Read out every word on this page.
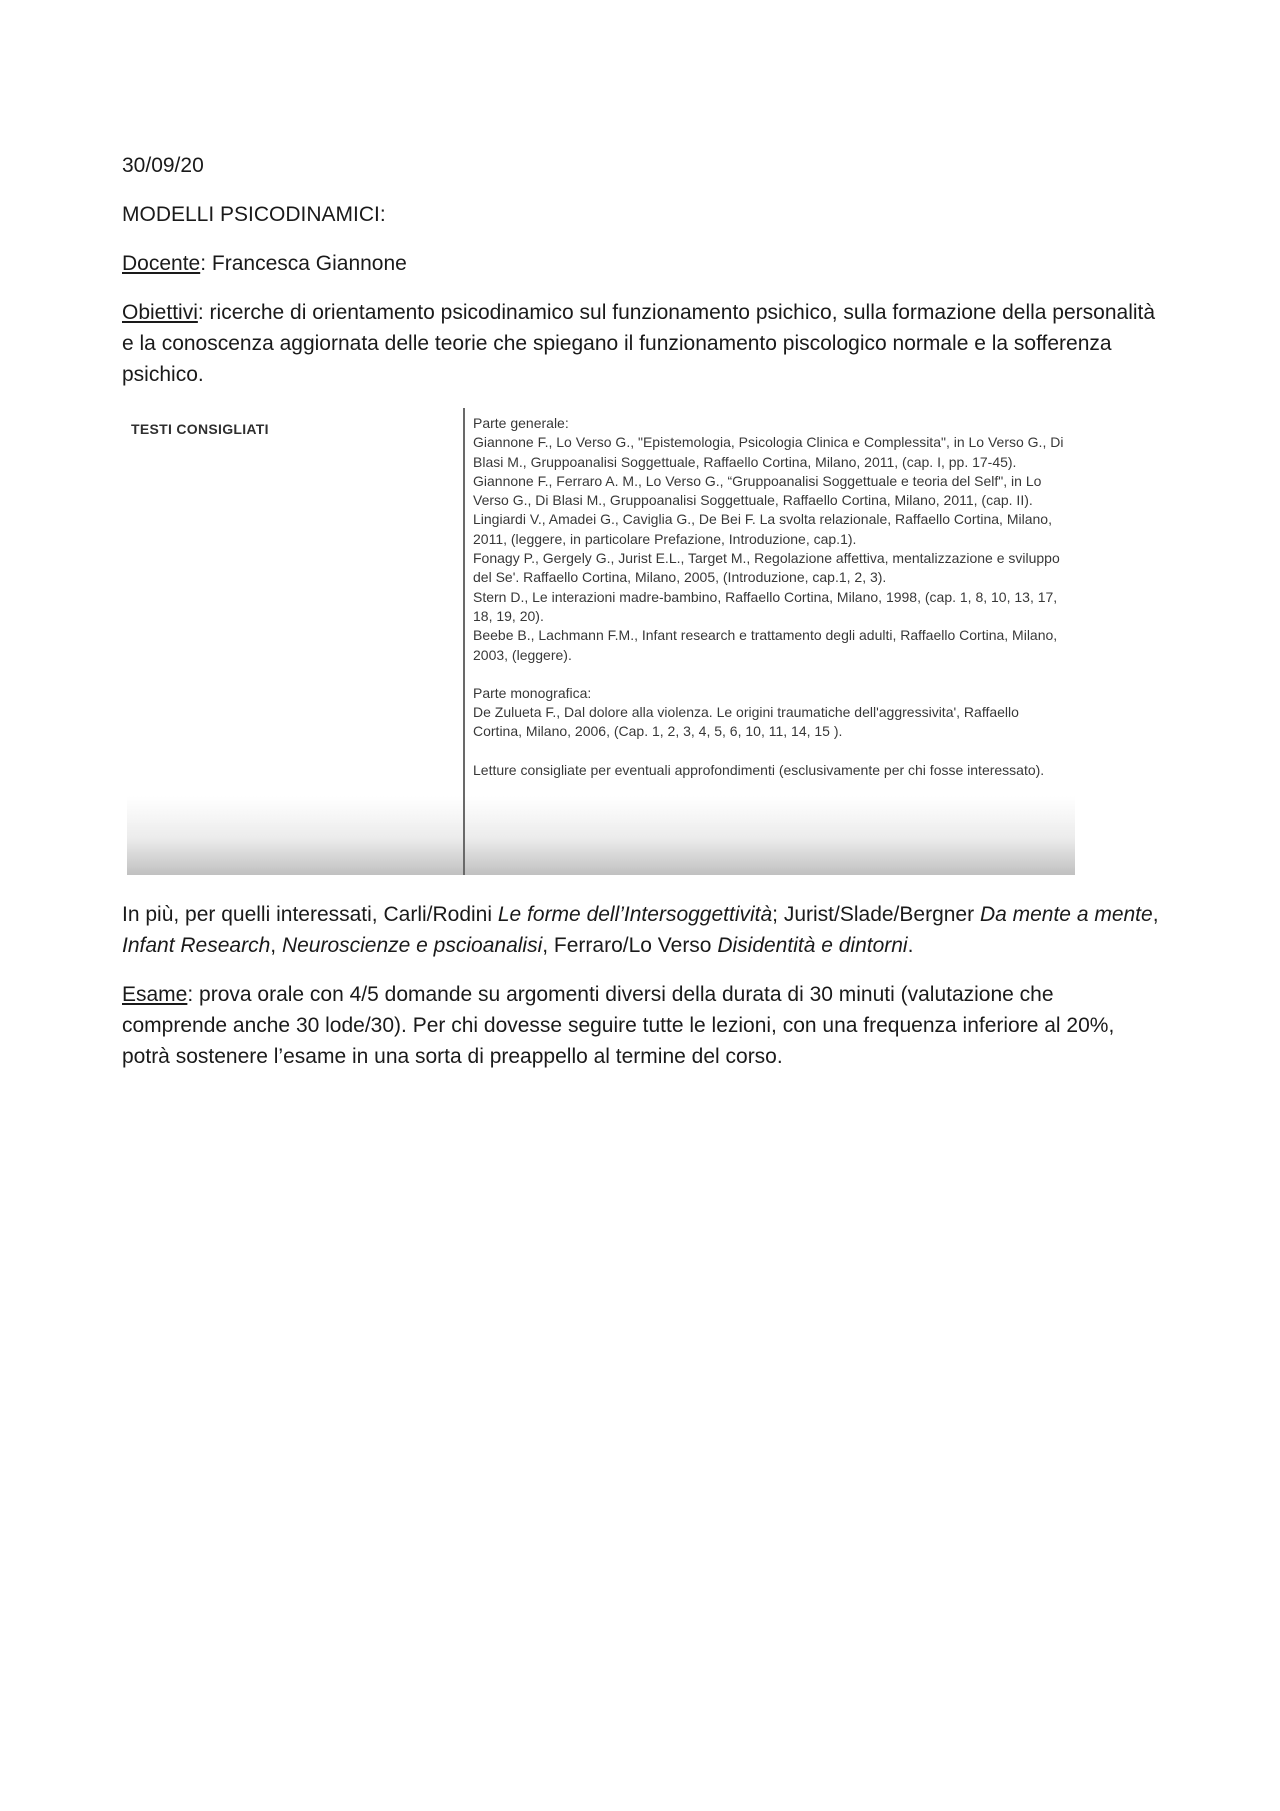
30/09/20

MODELLI PSICODINAMICI:

Docente: Francesca Giannone

Obiettivi: ricerche di orientamento psicodinamico sul funzionamento psichico, sulla formazione della personalità e la conoscenza aggiornata delle teorie che spiegano il funzionamento piscologico normale e la sofferenza psichico.

TESTI CONSIGLIATI	Parte generale:

Giannone F., Lo Verso G., "Epistemologia, Psicologia Clinica e Complessita", in Lo Verso G., Di Blasi M., Gruppoanalisi Soggettuale, Raffaello Cortina, Milano, 2011, (cap. I, pp. 17-45).

Giannone F., Ferraro A. M., Lo Verso G., “Gruppoanalisi Soggettuale e teoria del Self", in Lo Verso G., Di Blasi M., Gruppoanalisi Soggettuale, Raffaello Cortina, Milano, 2011, (cap. II).

Lingiardi V., Amadei G., Caviglia G., De Bei F. La svolta relazionale, Raffaello Cortina, Milano, 2011, (leggere, in particolare Prefazione, Introduzione, cap.1).

Fonagy P., Gergely G., Jurist E.L., Target M., Regolazione affettiva, mentalizzazione e sviluppo del Se'. Raffaello Cortina, Milano, 2005, (Introduzione, cap.1, 2, 3).

Stern D., Le interazioni madre-bambino, Raffaello Cortina, Milano, 1998, (cap. 1, 8, 10, 13, 17, 18, 19, 20).

Beebe B., Lachmann F.M., Infant research e trattamento degli adulti, Raffaello Cortina, Milano, 2003, (leggere).

Parte monografica:

De Zulueta F., Dal dolore alla violenza. Le origini traumatiche dell'aggressivita', Raffaello Cortina, Milano, 2006, (Cap. 1, 2, 3, 4, 5, 6, 10, 11, 14, 15 ).

Letture consigliate per eventuali approfondimenti (esclusivamente per chi fosse interessato).

In più, per quelli interessati, Carli/Rodini Le forme dell’Intersoggettività; Jurist/Slade/Bergner Da mente a mente, Infant Research, Neuroscienze e pscioanalisi, Ferraro/Lo Verso Disidentità e dintorni.

Esame: prova orale con 4/5 domande su argomenti diversi della durata di 30 minuti (valutazione che comprende anche 30 lode/30). Per chi dovesse seguire tutte le lezioni, con una frequenza inferiore al 20%, potrà sostenere l’esame in una sorta di preappello al termine del corso.
